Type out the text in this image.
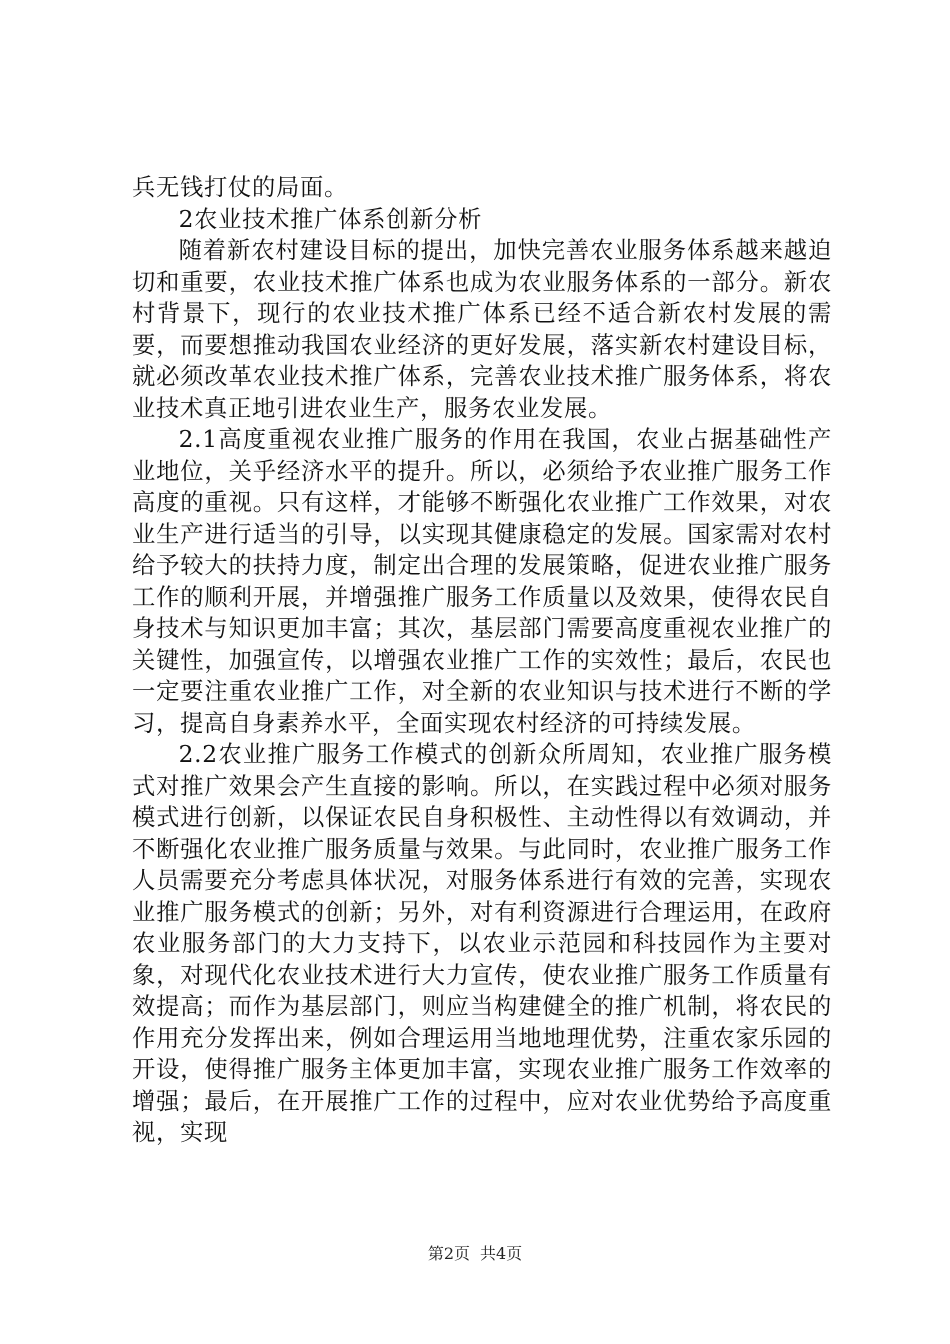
兵无钱打仗的局面。

2农业技术推广体系创新分析

随着新农村建设目标的提出，加快完善农业服务体系越来越迫切和重要，农业技术推广体系也成为农业服务体系的一部分。新农村背景下，现行的农业技术推广体系已经不适合新农村发展的需要，而要想推动我国农业经济的更好发展，落实新农村建设目标，就必须改革农业技术推广体系，完善农业技术推广服务体系，将农业技术真正地引进农业生产，服务农业发展。

2.1高度重视农业推广服务的作用在我国，农业占据基础性产业地位，关乎经济水平的提升。所以，必须给予农业推广服务工作高度的重视。只有这样，才能够不断强化农业推广工作效果，对农业生产进行适当的引导，以实现其健康稳定的发展。国家需对农村给予较大的扶持力度，制定出合理的发展策略，促进农业推广服务工作的顺利开展，并增强推广服务工作质量以及效果，使得农民自身技术与知识更加丰富；其次，基层部门需要高度重视农业推广的关键性，加强宣传，以增强农业推广工作的实效性；最后，农民也一定要注重农业推广工作，对全新的农业知识与技术进行不断的学习，提高自身素养水平，全面实现农村经济的可持续发展。

2.2农业推广服务工作模式的创新众所周知，农业推广服务模式对推广效果会产生直接的影响。所以，在实践过程中必须对服务模式进行创新，以保证农民自身积极性、主动性得以有效调动，并不断强化农业推广服务质量与效果。与此同时，农业推广服务工作人员需要充分考虑具体状况，对服务体系进行有效的完善，实现农业推广服务模式的创新；另外，对有利资源进行合理运用，在政府农业服务部门的大力支持下，以农业示范园和科技园作为主要对象，对现代化农业技术进行大力宣传，使农业推广服务工作质量有效提高；而作为基层部门，则应当构建健全的推广机制，将农民的作用充分发挥出来，例如合理运用当地地理优势，注重农家乐园的开设，使得推广服务主体更加丰富，实现农业推广服务工作效率的增强；最后，在开展推广工作的过程中，应对农业优势给予高度重视，实现

第2页 共4页
